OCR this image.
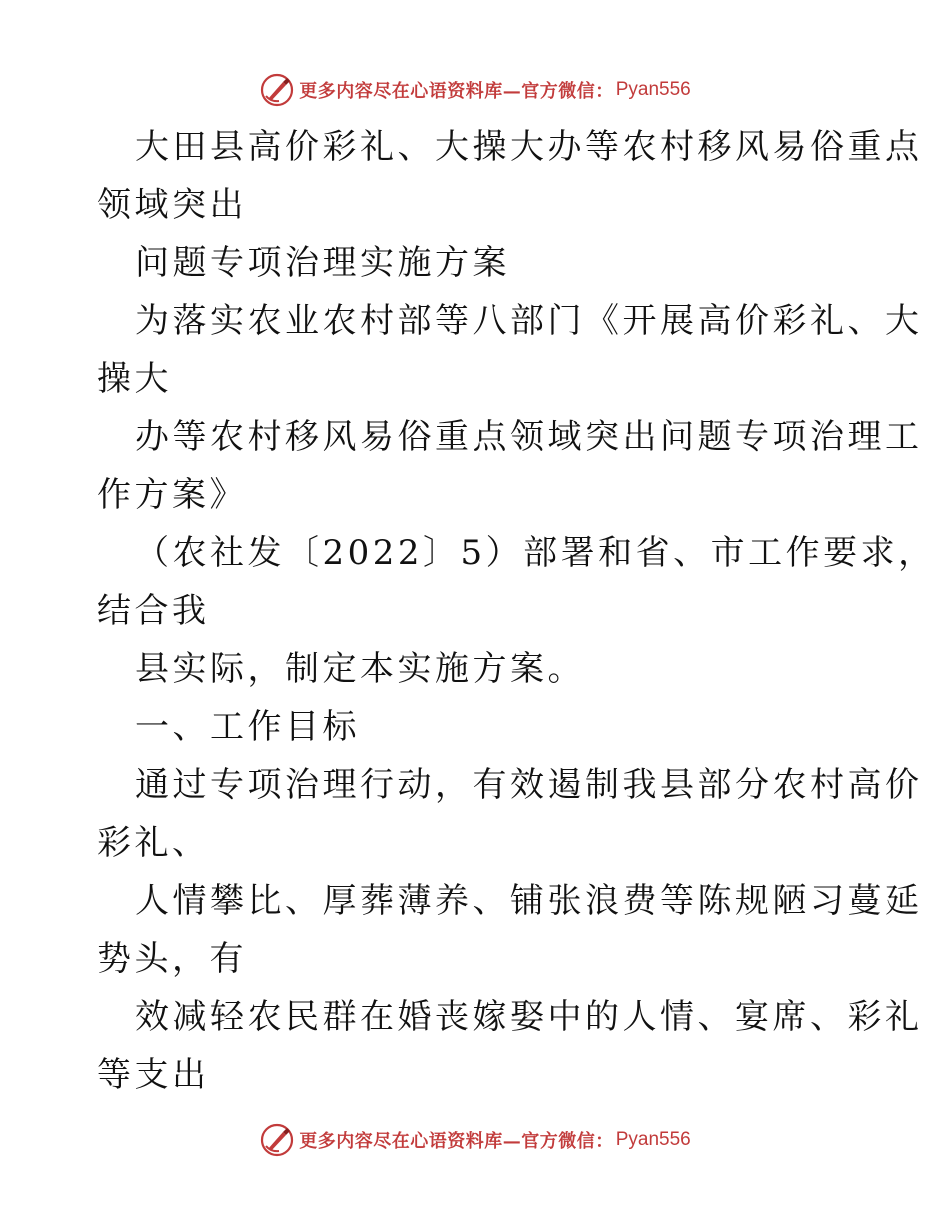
更多内容尽在心语资料库—官方微信： Pyan556
大田县高价彩礼、大操大办等农村移风易俗重点
领域突出
问题专项治理实施方案
为落实农业农村部等八部门《开展高价彩礼、大
操大
办等农村移风易俗重点领域突出问题专项治理工
作方案》
（农社发〔2022〕5）部署和省、市工作要求，
结合我
县实际，制定本实施方案。
一、工作目标
通过专项治理行动，有效遏制我县部分农村高价
彩礼、
人情攀比、厚葬薄养、铺张浪费等陈规陋习蔓延
势头，有
效减轻农民群在婚丧嫁娶中的人情、宴席、彩礼
等支出
更多内容尽在心语资料库—官方微信： Pyan556
